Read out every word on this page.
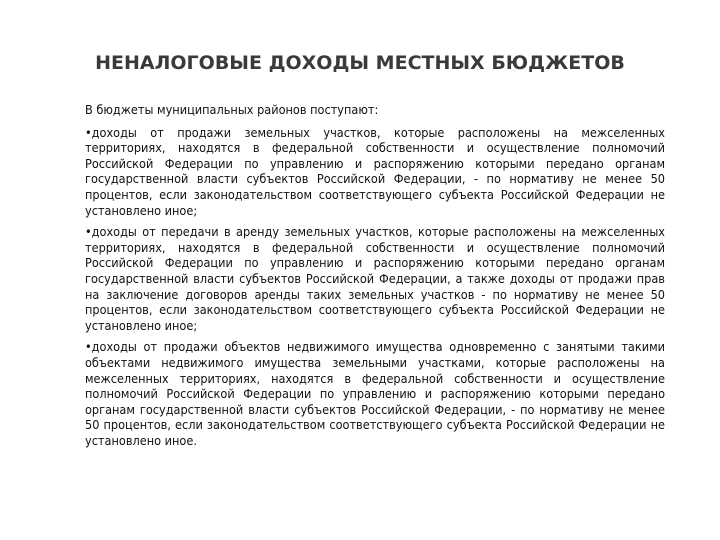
НЕНАЛОГОВЫЕ ДОХОДЫ МЕСТНЫХ БЮДЖЕТОВ

В бюджеты муниципальных районов поступают:

•доходы от продажи земельных участков, которые расположены на межселенных территориях, находятся в федеральной собственности и осуществление полномочий Российской Федерации по управлению и распоряжению которыми передано органам государственной власти субъектов Российской Федерации, - по нормативу не менее 50 процентов, если законодательством соответствующего субъекта Российской Федерации не установлено иное;

•доходы от передачи в аренду земельных участков, которые расположены на межселенных территориях, находятся в федеральной собственности и осуществление полномочий Российской Федерации по управлению и распоряжению которыми передано органам государственной власти субъектов Российской Федерации, а также доходы от продажи прав на заключение договоров аренды таких земельных участков - по нормативу не менее 50 процентов, если законодательством соответствующего субъекта Российской Федерации не установлено иное;

•доходы от продажи объектов недвижимого имущества одновременно с занятыми такими объектами недвижимого имущества земельными участками, которые расположены на межселенных территориях, находятся в федеральной собственности и осуществление полномочий Российской Федерации по управлению и распоряжению которыми передано органам государственной власти субъектов Российской Федерации, - по нормативу не менее 50 процентов, если законодательством соответствующего субъекта Российской Федерации не установлено иное.
